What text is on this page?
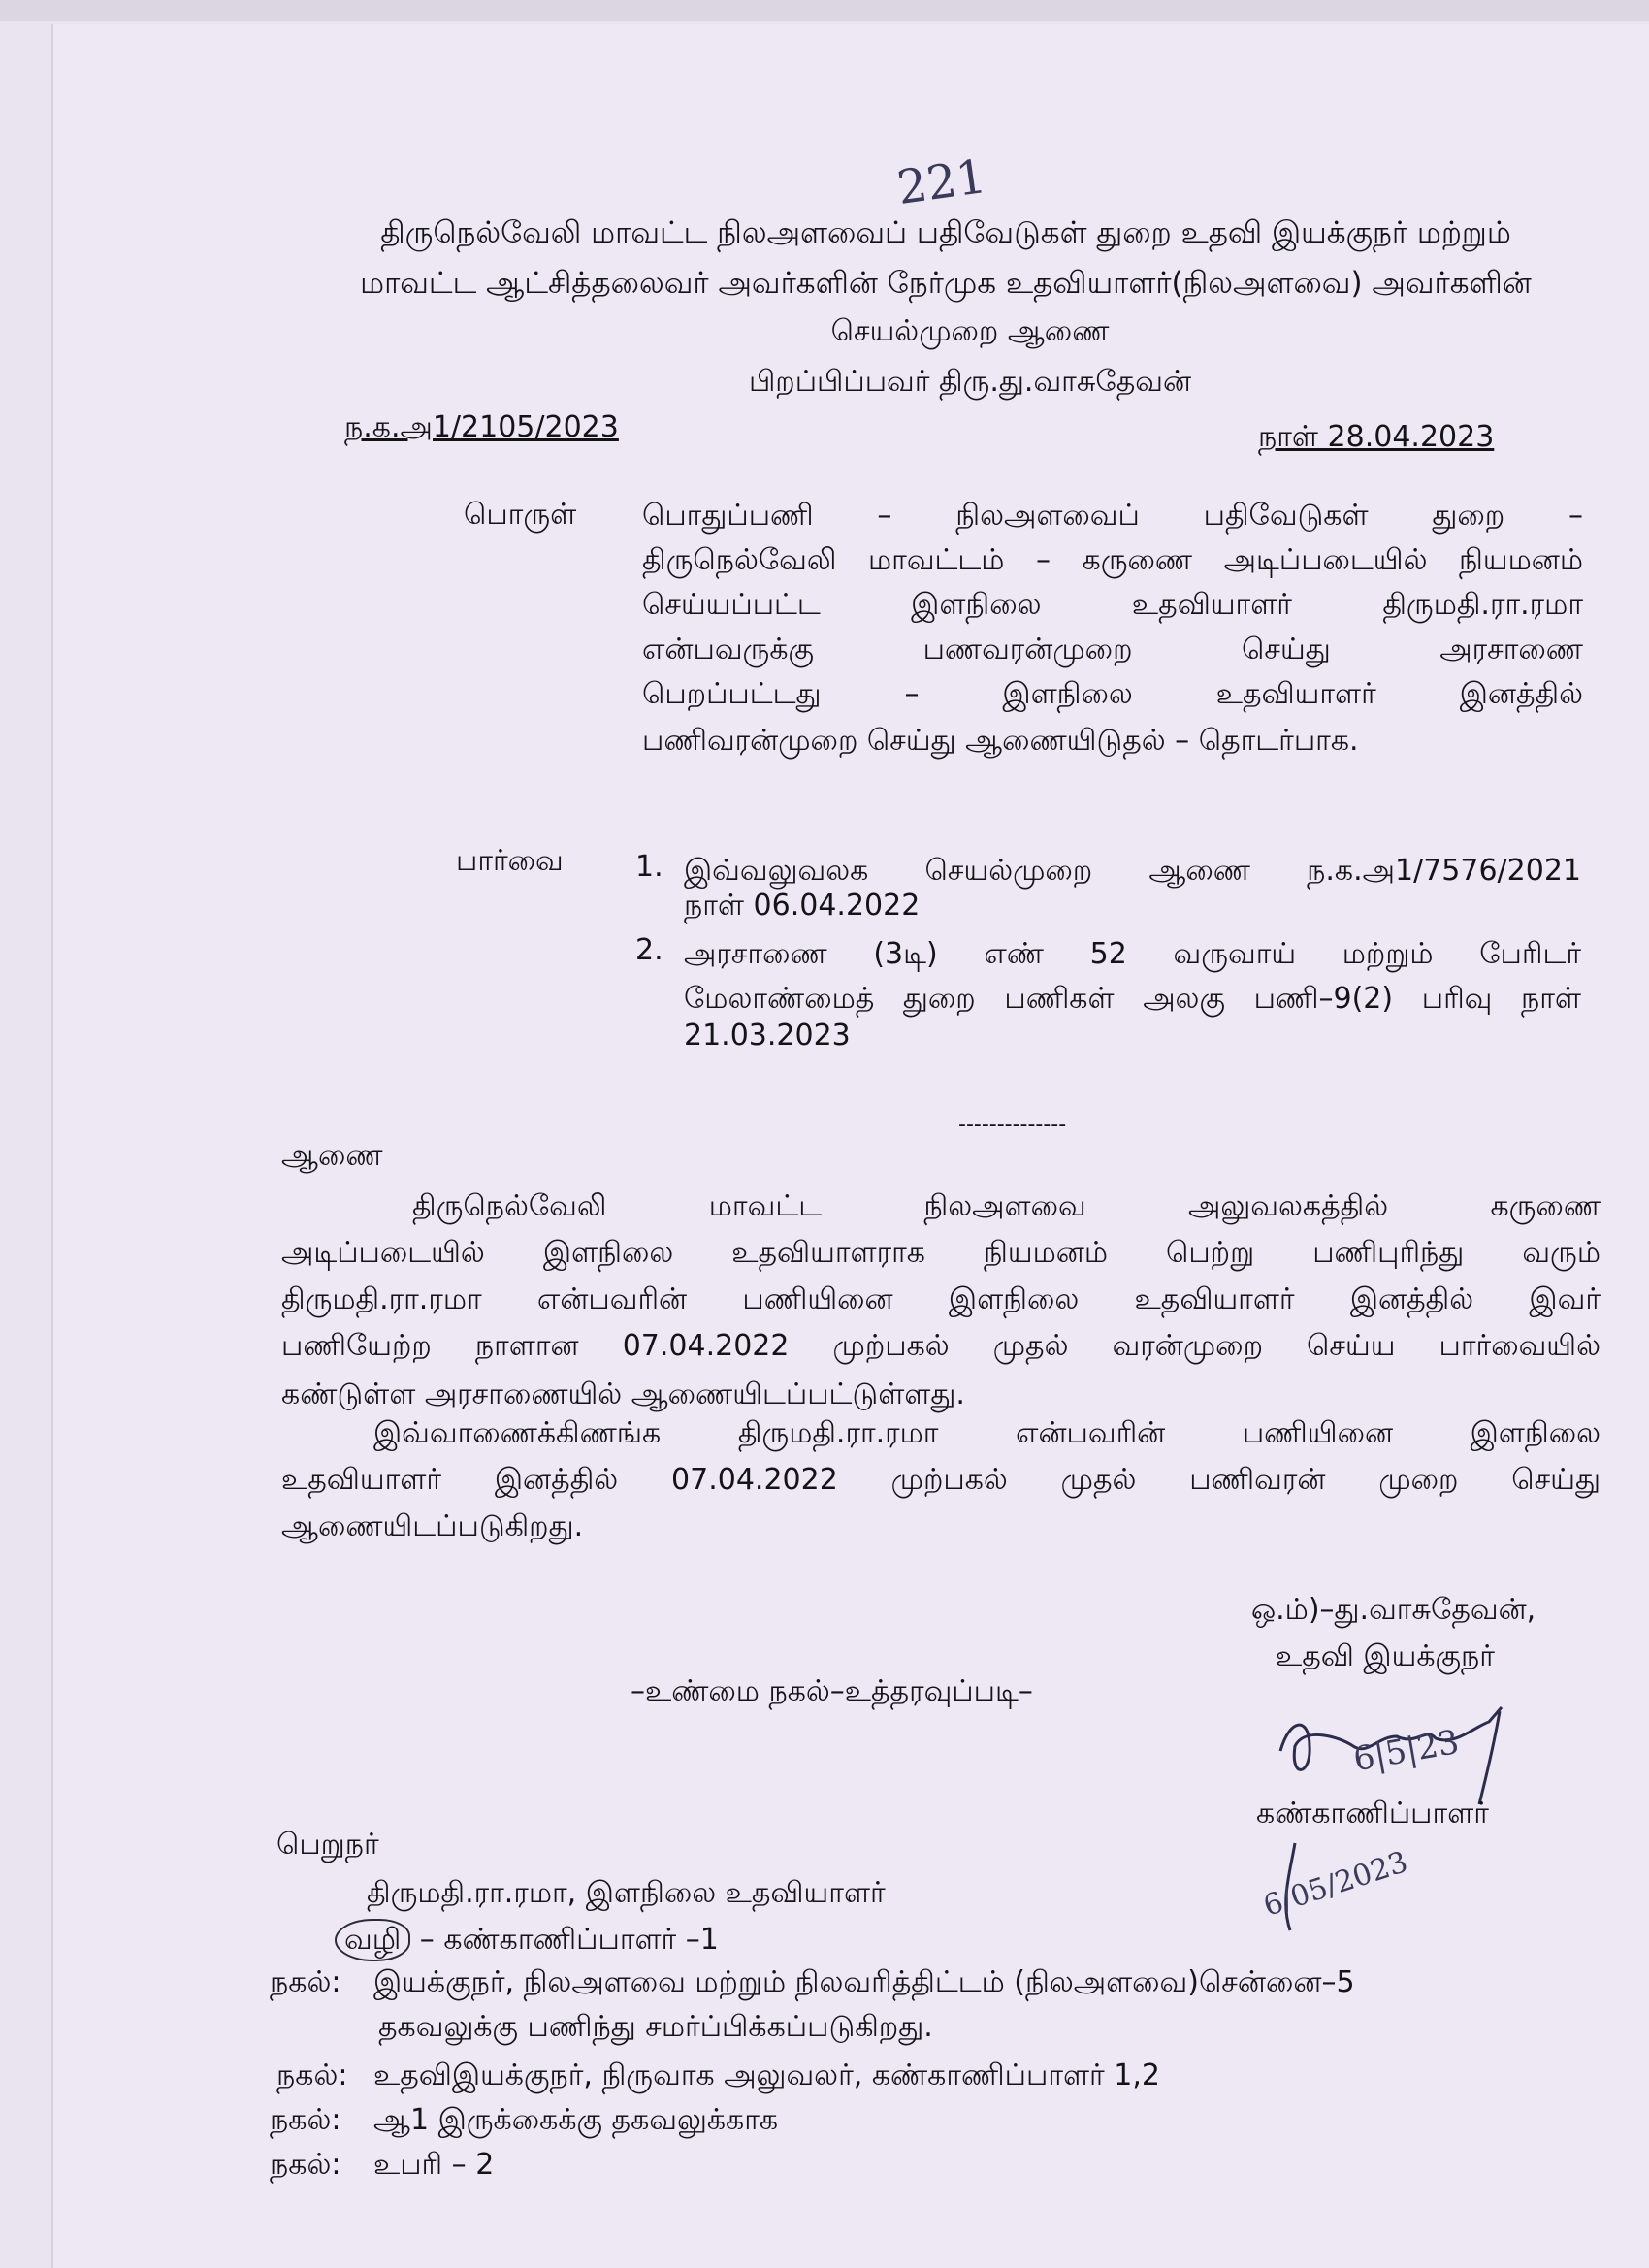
221
திருநெல்வேலி மாவட்ட நிலஅளவைப் பதிவேடுகள் துறை உதவி இயக்குநர் மற்றும்
மாவட்ட ஆட்சித்தலைவர் அவர்களின் நேர்முக உதவியாளர்(நிலஅளவை) அவர்களின்
செயல்முறை ஆணை
பிறப்பிப்பவர் திரு.து.வாசுதேவன்
ந.க.அ1/2105/2023	நாள் 28.04.2023
பொருள் பொதுப்பணி – நிலஅளவைப் பதிவேடுகள் துறை –
திருநெல்வேலி மாவட்டம் – கருணை அடிப்படையில் நியமனம்
செய்யப்பட்ட இளநிலை உதவியாளர் திருமதி.ரா.ரமா
என்பவருக்கு பணவரன்முறை செய்து அரசாணை
பெறப்பட்டது – இளநிலை உதவியாளர் இனத்தில்
பணிவரன்முறை செய்து ஆணையிடுதல் – தொடர்பாக.
பார்வை 1. இவ்வலுவலக செயல்முறை ஆணை ந.க.அ1/7576/2021
நாள் 06.04.2022
2. அரசாணை (3டி) எண் 52 வருவாய் மற்றும் பேரிடர்
மேலாண்மைத் துறை பணிகள் அலகு பணி–9(2) பரிவு நாள்
21.03.2023
--------------
ஆணை
திருநெல்வேலி மாவட்ட நிலஅளவை அலுவலகத்தில் கருணை
அடிப்படையில் இளநிலை உதவியாளராக நியமனம் பெற்று பணிபுரிந்து வரும்
திருமதி.ரா.ரமா என்பவரின் பணியினை இளநிலை உதவியாளர் இனத்தில் இவர்
பணியேற்ற நாளான 07.04.2022 முற்பகல் முதல் வரன்முறை செய்ய பார்வையில்
கண்டுள்ள அரசாணையில் ஆணையிடப்பட்டுள்ளது.
இவ்வாணைக்கிணங்க திருமதி.ரா.ரமா என்பவரின் பணியினை இளநிலை
உதவியாளர் இனத்தில் 07.04.2022 முற்பகல் முதல் பணிவரன் முறை செய்து
ஆணையிடப்படுகிறது.
ஒ.ம்)–து.வாசுதேவன்,
உதவி இயக்குநர்
–உண்மை நகல்–உத்தரவுப்படி–
6|5|23
6/05/2023
கண்காணிப்பாளர்
பெறுநர்
திருமதி.ரா.ரமா, இளநிலை உதவியாளர்
வழி – கண்காணிப்பாளர் –1
நகல்: இயக்குநர், நிலஅளவை மற்றும் நிலவரித்திட்டம் (நிலஅளவை)சென்னை–5
தகவலுக்கு பணிந்து சமர்ப்பிக்கப்படுகிறது.
நகல்: உதவிஇயக்குநர், நிருவாக அலுவலர், கண்காணிப்பாளர் 1,2
நகல்: ஆ1 இருக்கைக்கு தகவலுக்காக
நகல்: உபரி – 2
